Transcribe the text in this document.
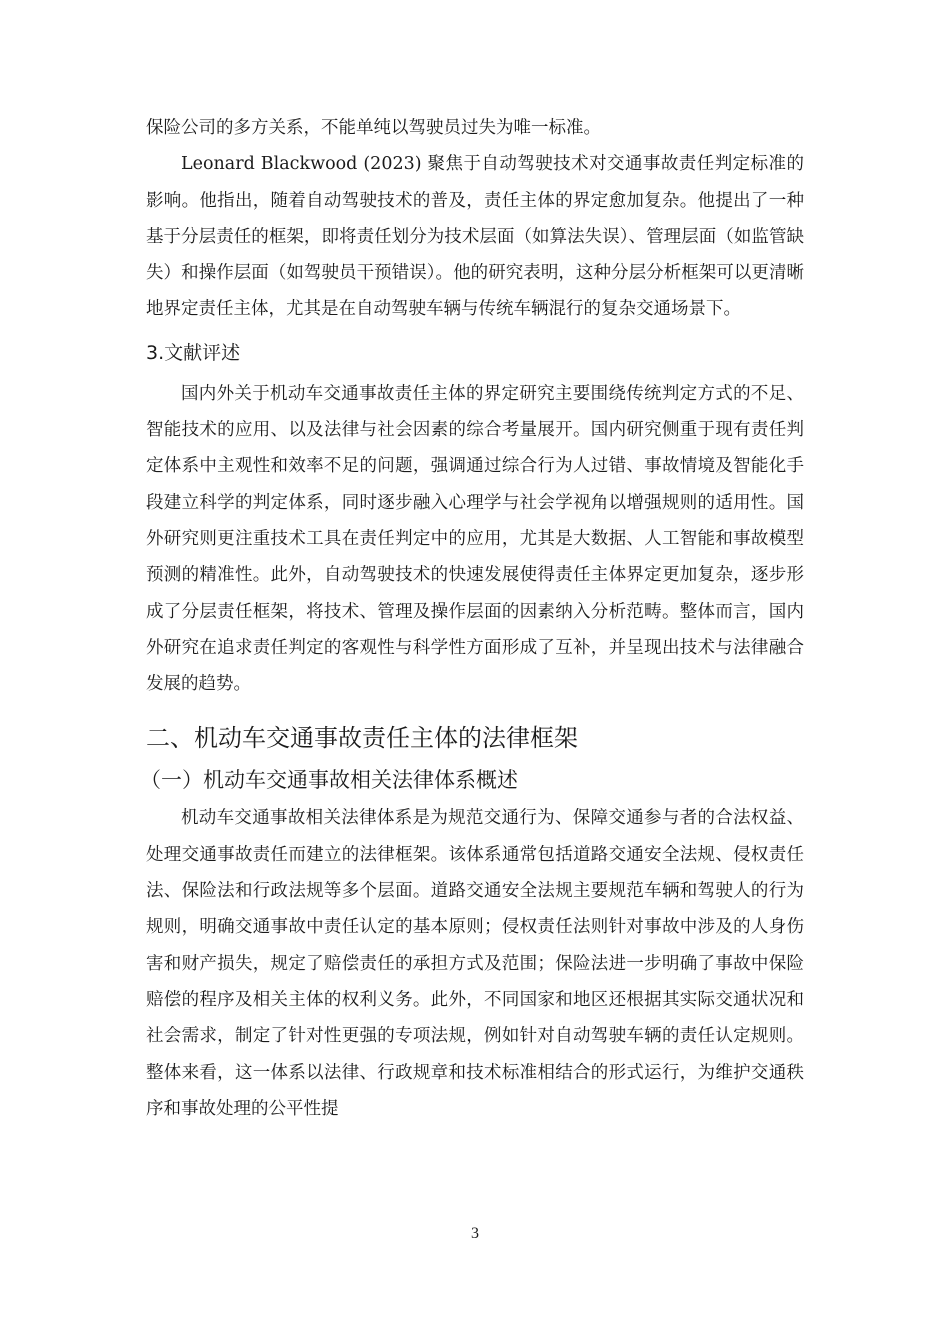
保险公司的多方关系，不能单纯以驾驶员过失为唯一标准。

Leonard Blackwood (2023) 聚焦于自动驾驶技术对交通事故责任判定标准的影响。他指出，随着自动驾驶技术的普及，责任主体的界定愈加复杂。他提出了一种基于分层责任的框架，即将责任划分为技术层面（如算法失误）、管理层面（如监管缺失）和操作层面（如驾驶员干预错误）。他的研究表明，这种分层分析框架可以更清晰地界定责任主体，尤其是在自动驾驶车辆与传统车辆混行的复杂交通场景下。

3.文献评述

国内外关于机动车交通事故责任主体的界定研究主要围绕传统判定方式的不足、智能技术的应用、以及法律与社会因素的综合考量展开。国内研究侧重于现有责任判定体系中主观性和效率不足的问题，强调通过综合行为人过错、事故情境及智能化手段建立科学的判定体系，同时逐步融入心理学与社会学视角以增强规则的适用性。国外研究则更注重技术工具在责任判定中的应用，尤其是大数据、人工智能和事故模型预测的精准性。此外，自动驾驶技术的快速发展使得责任主体界定更加复杂，逐步形成了分层责任框架，将技术、管理及操作层面的因素纳入分析范畴。整体而言，国内外研究在追求责任判定的客观性与科学性方面形成了互补，并呈现出技术与法律融合发展的趋势。

二、机动车交通事故责任主体的法律框架
（一）机动车交通事故相关法律体系概述

机动车交通事故相关法律体系是为规范交通行为、保障交通参与者的合法权益、处理交通事故责任而建立的法律框架。该体系通常包括道路交通安全法规、侵权责任法、保险法和行政法规等多个层面。道路交通安全法规主要规范车辆和驾驶人的行为规则，明确交通事故中责任认定的基本原则；侵权责任法则针对事故中涉及的人身伤害和财产损失，规定了赔偿责任的承担方式及范围；保险法进一步明确了事故中保险赔偿的程序及相关主体的权利义务。此外，不同国家和地区还根据其实际交通状况和社会需求，制定了针对性更强的专项法规，例如针对自动驾驶车辆的责任认定规则。整体来看，这一体系以法律、行政规章和技术标准相结合的形式运行，为维护交通秩序和事故处理的公平性提

3
